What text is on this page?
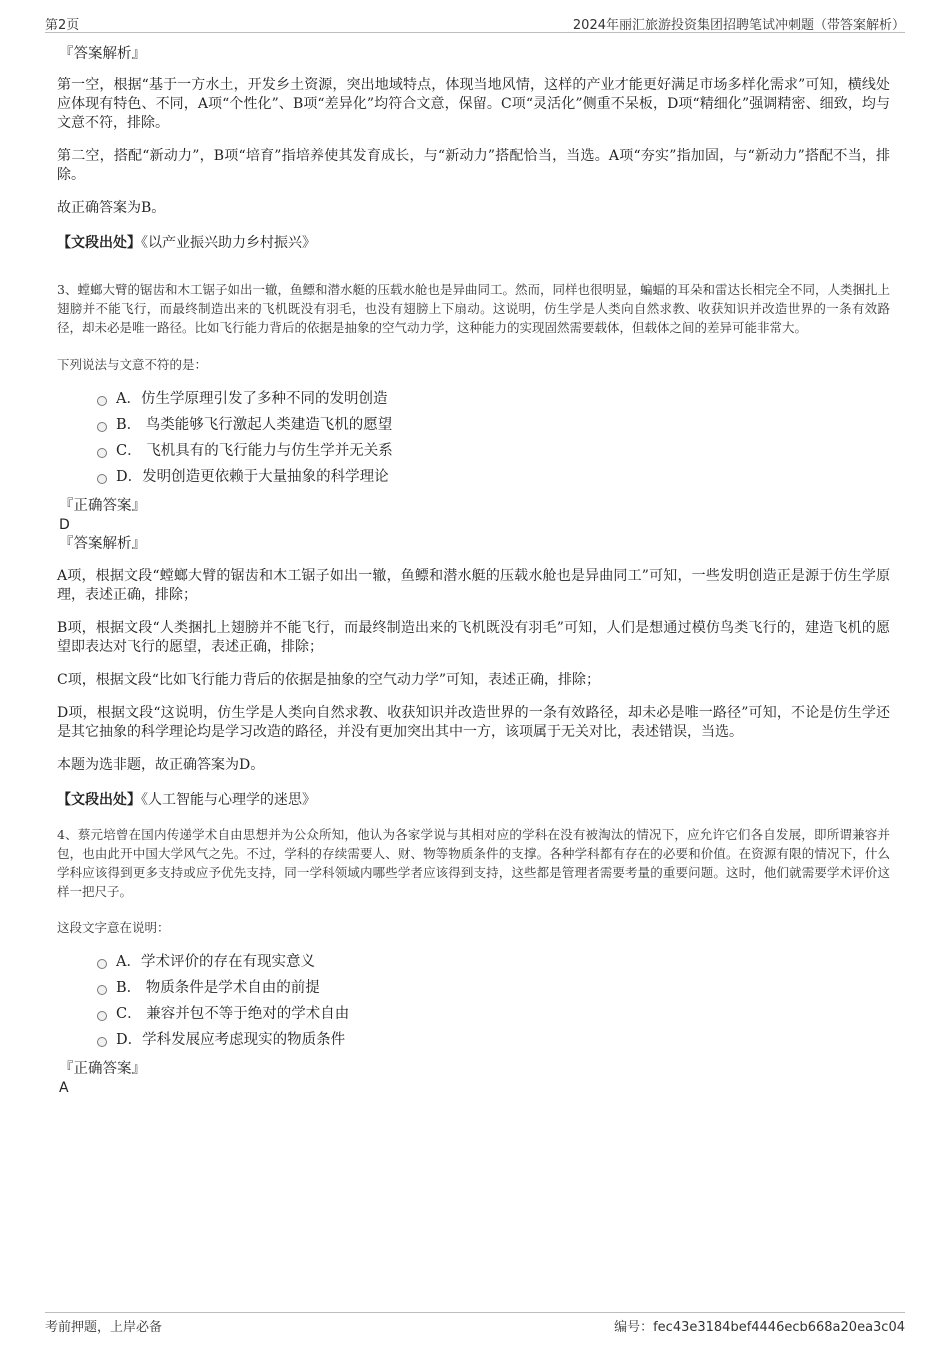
第2页	2024年丽汇旅游投资集团招聘笔试冲刺题（带答案解析）
『答案解析』

第一空，根据“基于一方水土，开发乡土资源，突出地域特点，体现当地风情，这样的产业才能更好满足市场多样化需求”可知，横线处应体现有特色、不同，A项“个性化”、B项“差异化”均符合文意，保留。C项“灵活化”侧重不呆板，D项“精细化”强调精密、细致，均与文意不符，排除。

第二空，搭配“新动力”，B项“培育”指培养使其发育成长，与“新动力”搭配恰当，当选。A项“夯实”指加固，与“新动力”搭配不当，排除。

故正确答案为B。

【文段出处】《以产业振兴助力乡村振兴》

3、螳螂大臂的锯齿和木工锯子如出一辙，鱼鳔和潜水艇的压载水舱也是异曲同工。然而，同样也很明显，蝙蝠的耳朵和雷达长相完全不同，人类捆扎上翅膀并不能飞行，而最终制造出来的飞机既没有羽毛，也没有翅膀上下扇动。这说明，仿生学是人类向自然求教、收获知识并改造世界的一条有效路径，却未必是唯一路径。比如飞行能力背后的依据是抽象的空气动力学，这种能力的实现固然需要载体，但载体之间的差异可能非常大。

下列说法与文意不符的是：
A．仿生学原理引发了多种不同的发明创造
B． 鸟类能够飞行激起人类建造飞机的愿望
C． 飞机具有的飞行能力与仿生学并无关系
D．发明创造更依赖于大量抽象的科学理论
『正确答案』
D
『答案解析』

A项，根据文段“螳螂大臂的锯齿和木工锯子如出一辙，鱼鳔和潜水艇的压载水舱也是异曲同工”可知，一些发明创造正是源于仿生学原理，表述正确，排除；

B项，根据文段“人类捆扎上翅膀并不能飞行，而最终制造出来的飞机既没有羽毛”可知，人们是想通过模仿鸟类飞行的，建造飞机的愿望即表达对飞行的愿望，表述正确，排除；

C项，根据文段“比如飞行能力背后的依据是抽象的空气动力学”可知，表述正确，排除；

D项，根据文段“这说明，仿生学是人类向自然求教、收获知识并改造世界的一条有效路径，却未必是唯一路径”可知，不论是仿生学还是其它抽象的科学理论均是学习改造的路径，并没有更加突出其中一方，该项属于无关对比，表述错误，当选。

本题为选非题，故正确答案为D。

【文段出处】《人工智能与心理学的迷思》

4、蔡元培曾在国内传递学术自由思想并为公众所知，他认为各家学说与其相对应的学科在没有被淘汰的情况下，应允许它们各自发展，即所谓兼容并包，也由此开中国大学风气之先。不过，学科的存续需要人、财、物等物质条件的支撑。各种学科都有存在的必要和价值。在资源有限的情况下，什么学科应该得到更多支持或应予优先支持，同一学科领域内哪些学者应该得到支持，这些都是管理者需要考量的重要问题。这时，他们就需要学术评价这样一把尺子。

这段文字意在说明：
A．学术评价的存在有现实意义
B． 物质条件是学术自由的前提
C． 兼容并包不等于绝对的学术自由
D．学科发展应考虑现实的物质条件
『正确答案』
A
考前押题，上岸必备	编号：fec43e3184bef4446ecb668a20ea3c04
